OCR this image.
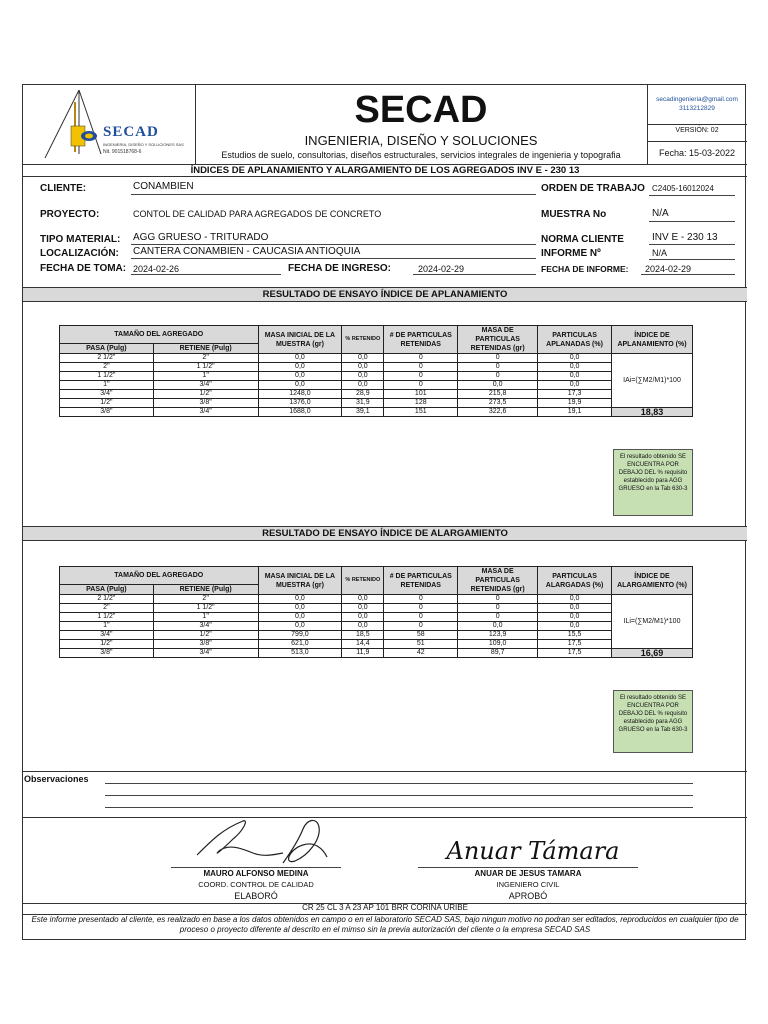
SECAD
INGENIERIA, DISEÑO Y SOLUCIONES SAS
Nit. 901518768-6
SECAD
INGENIERIA, DISEÑO Y SOLUCIONES
Estudios de suelo, consultorias, diseños estructurales, servicios integrales de ingenieria y topografia
secadingenieria@gmail.com
3113212829
VERSIÓN: 02
Fecha: 15-03-2022
ÍNDICES DE APLANAMIENTO Y ALARGAMIENTO DE LOS AGREGADOS INV E - 230 13
CLIENTE:	CONAMBIEN	ORDEN DE TRABAJO C2405-16012024
PROYECTO:	CONTOL DE CALIDAD PARA AGREGADOS DE CONCRETO	MUESTRA No	N/A
TIPO MATERIAL: AGG GRUESO - TRITURADO	NORMA CLIENTE	INV E - 230 13
LOCALIZACIÓN: CANTERA CONAMBIEN - CAUCASIA ANTIOQUIA	INFORME Nº	N/A
FECHA DE TOMA: 2024-02-26	FECHA DE INGRESO:	2024-02-29	FECHA DE INFORME: 2024-02-29
RESULTADO DE ENSAYO ÍNDICE DE APLANAMIENTO
TAMAÑO DEL AGREGADO		MASA INICIAL DE LA MUESTRA (gr)	% RETENIDO	# DE PARTICULAS RETENIDAS	MASA DE PARTICULAS RETENIDAS (gr)	PARTICULAS APLANADAS (%)	ÍNDICE DE APLANAMIENTO (%)
PASA (Pulg)	RETIENE (Pulg)						
2 1/2"	2"	0,0	0,0	0	0	0,0	IAi=(∑M2/M1)*100
2"	1 1/2"	0,0	0,0	0	0	0,0	
1 1/2"	1"	0,0	0,0	0	0	0,0	
1"	3/4"	0,0	0,0	0	0,0	0,0	
3/4"	1/2"	1248,0	28,9	101	215,8	17,3	
1/2"	3/8"	1376,0	31,9	128	273,5	19,9	
3/8"	3/4"	1688,0	39,1	151	322,6	19,1	18,83
El resultado obtenido SE ENCUENTRA POR DEBAJO DEL % requisito establecido para AGG GRUESO en la Tab 630-3
RESULTADO DE ENSAYO ÍNDICE DE ALARGAMIENTO
TAMAÑO DEL AGREGADO		MASA INICIAL DE LA MUESTRA (gr)	% RETENIDO	# DE PARTICULAS RETENIDAS	MASA DE PARTICULAS RETENIDAS (gr)	PARTICULAS ALARGADAS (%)	ÍNDICE DE ALARGAMIENTO (%)
PASA (Pulg)	RETIENE (Pulg)						
2 1/2"	2"	0,0	0,0	0	0	0,0	ILi=(∑M2/M1)*100
2"	1 1/2"	0,0	0,0	0	0	0,0	
1 1/2"	1"	0,0	0,0	0	0	0,0	
1"	3/4"	0,0	0,0	0	0,0	0,0	
3/4"	1/2"	799,0	18,5	58	123,9	15,5	
1/2"	3/8"	621,0	14,4	51	109,0	17,5	
3/8"	3/4"	513,0	11,9	42	89,7	17,5	16,69
El resultado obtenido SE ENCUENTRA POR DEBAJO DEL % requisito establecido para AGG GRUESO en la Tab 630-3
Observaciones
MAURO ALFONSO MEDINA
COORD. CONTROL DE CALIDAD
ELABORÓ
Anuar Támara
ANUAR DE JESUS TAMARA
INGENIERO CIVIL
APROBÓ
CR 25 CL 3 A 23 AP 101 BRR CORINA URIBE
Este informe presentado al cliente, es realizado en base a los datos obtenidos en campo o en el laboratorio SECAD SAS, bajo ningun motivo no podran ser editados, reproducidos en cualquier tipo de proceso o proyecto diferente al descrito en el mimso sin la previa autorización del cliente o la empresa SECAD SAS
